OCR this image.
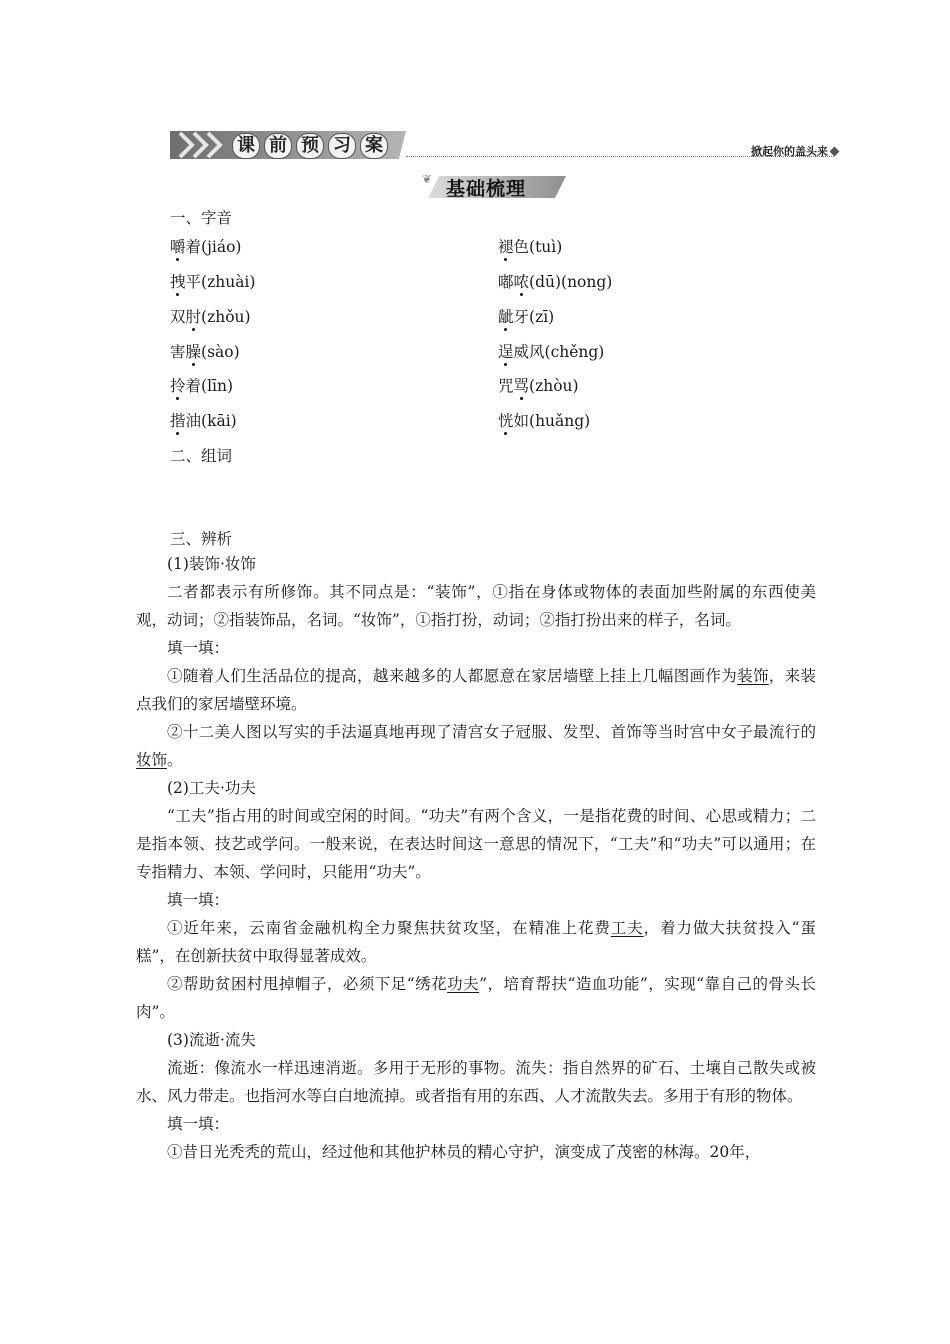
课 前 预 习 案	掀起你的盖头来
❦ 基础梳理
一、字音
嚼着(jiáo)
拽平(zhuài)
双肘(zhǒu)
害臊(sào)
拎着(līn)
揩油(kāi)
褪色(tuì)
嘟哝(dū)(nong)
龇牙(zī)
逞威风(chěng)
咒骂(zhòu)
恍如(huǎng)
二、组词
三、辨析

(1)装饰·妆饰

二者都表示有所修饰。其不同点是：“装饰”，①指在身体或物体的表面加些附属的东西使美观，动词；②指装饰品，名词。“妆饰”，①指打扮，动词；②指打扮出来的样子，名词。

填一填：

①随着人们生活品位的提高，越来越多的人都愿意在家居墙壁上挂上几幅图画作为装饰，来装点我们的家居墙壁环境。

②十二美人图以写实的手法逼真地再现了清宫女子冠服、发型、首饰等当时宫中女子最流行的妆饰。

(2)工夫·功夫

“工夫”指占用的时间或空闲的时间。“功夫”有两个含义，一是指花费的时间、心思或精力；二是指本领、技艺或学问。一般来说，在表达时间这一意思的情况下，“工夫”和“功夫”可以通用；在专指精力、本领、学问时，只能用“功夫”。

填一填：

①近年来，云南省金融机构全力聚焦扶贫攻坚，在精准上花费工夫，着力做大扶贫投入“蛋糕”，在创新扶贫中取得显著成效。

②帮助贫困村甩掉帽子，必须下足“绣花功夫”，培育帮扶“造血功能”，实现“靠自己的骨头长肉”。

(3)流逝·流失

流逝：像流水一样迅速消逝。多用于无形的事物。流失：指自然界的矿石、土壤自己散失或被水、风力带走。也指河水等白白地流掉。或者指有用的东西、人才流散失去。多用于有形的物体。

填一填：

①昔日光秃秃的荒山，经过他和其他护林员的精心守护，演变成了茂密的林海。20年，
